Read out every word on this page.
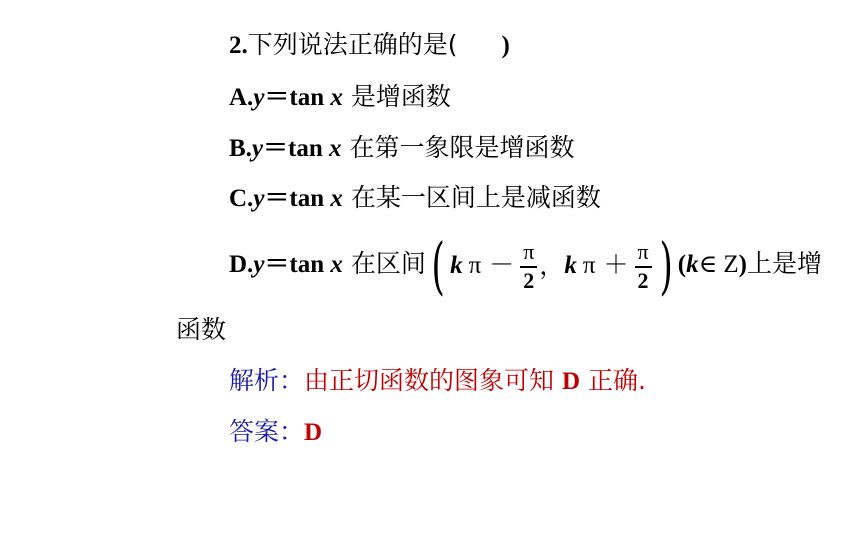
2.下列说法正确的是( )
A.y＝tan x 是增函数
B.y＝tan x 在第一象限是增函数
C.y＝tan x 在某一区间上是减函数
D.y＝tan x 在区间 ( k $\pi - \frac{\pi}{2}$ ， k $\pi + \frac{\pi}{2}$ ) (k∈ Z)上是增
函数
解析：由正切函数的图象可知 D 正确.
答案：D
